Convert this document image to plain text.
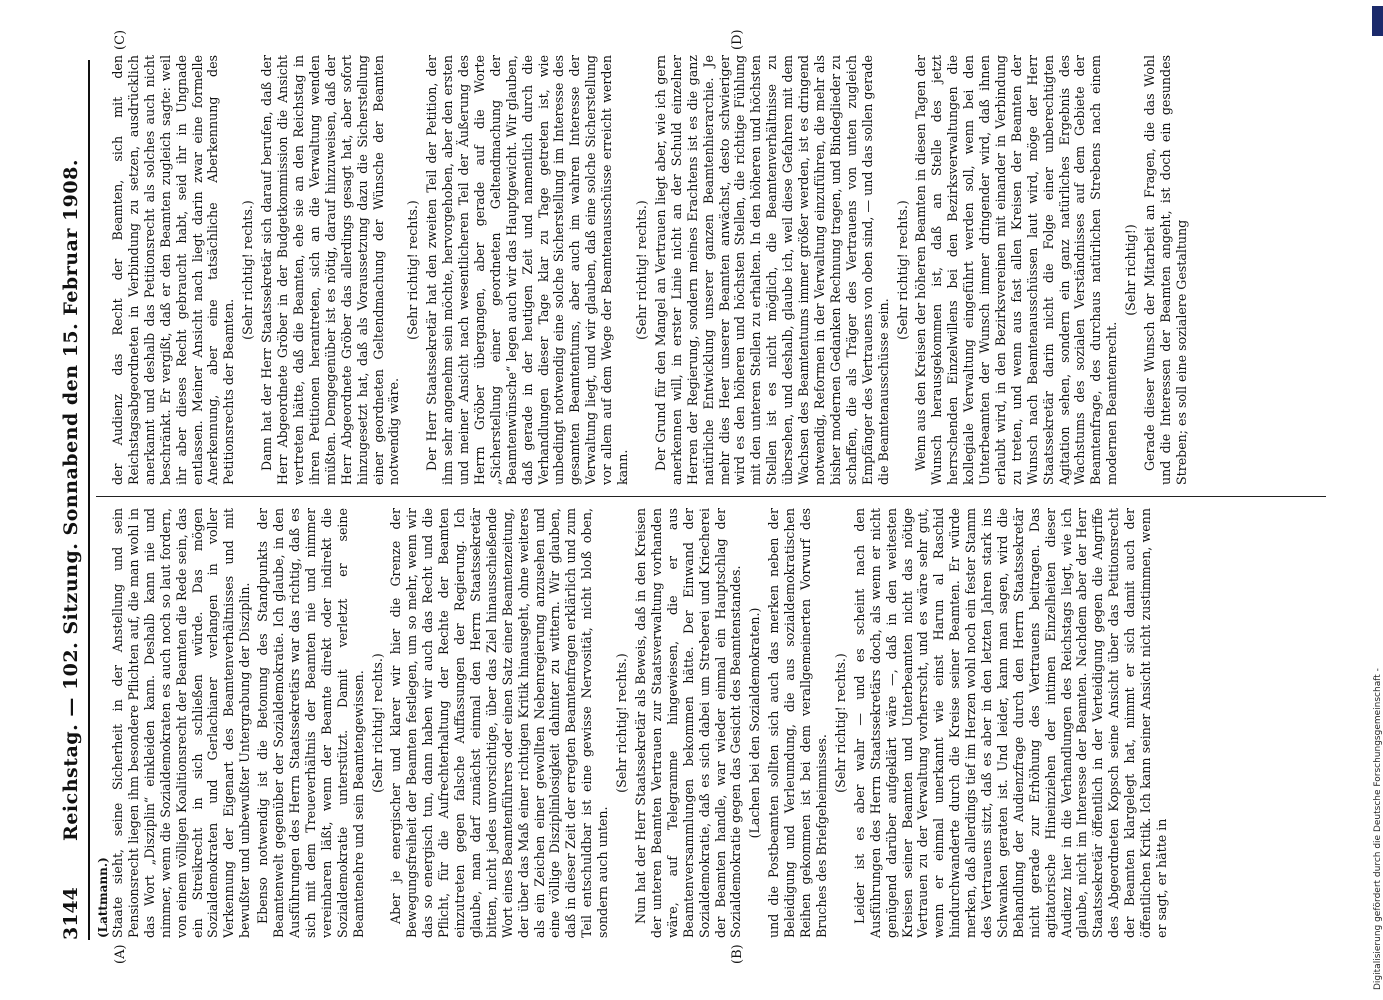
3144
Reichstag. — 102. Sitzung. Sonnabend den 15. Februar 1908.
(Lattmann.)
(A)	(B)
(C)	(D)

Staate sieht, seine Sicherheit in der Anstellung und sein Pensionsrecht liegen ihm besondere Pflichten auf, die man wohl in das Wort „Disziplin“ einkleiden kann. Deshalb kann nie und nimmer, wenn die Sozialdemokraten es auch noch so laut fordern, von einem völligen Koalitionsrecht der Beamten die Rede sein, das ein Streikrecht in sich schließen würde. Das mögen Sozialdemokraten und Gerlachianer verlangen in voller Verkennung der Eigenart des Beamtenverhältnisses und mit bewußter und unbewußter Untergrabung der Disziplin. Ebenso notwendig ist die Betonung des Standpunkts der Beamtenwelt gegenüber der Sozialdemokratie. Ich glaube, in den Ausführungen des Herrn Staatssekretärs war das richtig, daß es sich mit dem Treueverhältnis der Beamten nie und nimmer vereinbaren läßt, wenn der Beamte direkt oder indirekt die Sozialdemokratie unterstützt. Damit verletzt er seine Beamtenehre und sein Beamtengewissen. (Sehr richtig! rechts.) Aber je energischer und klarer wir hier die Grenze der Bewegungsfreiheit der Beamten festlegen, um so mehr, wenn wir das so energisch tun, dann haben wir auch das Recht und die Pflicht, für die Aufrechterhaltung der Rechte der Beamten einzutreten gegen falsche Auffassungen der Regierung. Ich glaube, man darf zunächst einmal den Herrn Staatssekretär bitten, nicht jedes unvorsichtige, über das Ziel hinausschießende Wort eines Beamtenführers oder einen Satz einer Beamtenzeitung, der über das Maß einer richtigen Kritik hinausgeht, ohne weiteres als ein Zeichen einer gewollten Nebenregierung anzusehen und eine völlige Disziplinlosigkeit dahinter zu wittern. Wir glauben, daß in dieser Zeit der erregten Beamtenfragen erklärlich und zum Teil entschuldbar ist eine gewisse Nervosität, nicht bloß oben, sondern auch unten.

(Sehr richtig! rechts.) Nun hat der Herr Staatssekretär als Beweis, daß in den Kreisen der unteren Beamten Vertrauen zur Staatsverwaltung vorhanden wäre, auf Telegramme hingewiesen, die er aus Beamtenversammlungen bekommen hätte. Der Einwand der Sozialdemokratie, daß es sich dabei um Streberei und Kriecherei der Beamten handle, war wieder einmal ein Hauptschlag der Sozialdemokratie gegen das Gesicht des Beamtenstandes. (Lachen bei den Sozialdemokraten.) und die Postbeamten sollten sich auch das merken neben der Beleidigung und Verleumdung, die aus sozialdemokratischen Reihen gekommen ist bei dem verallgemeinerten Vorwurf des Bruches des Briefgeheimnisses.

(Sehr richtig! rechts.) Leider ist es aber wahr — und es scheint nach den Ausführungen des Herrn Staatssekretärs doch, als wenn er nicht genügend darüber aufgeklärt wäre —, daß in den weitesten Kreisen seiner Beamten und Unterbeamten nicht das nötige Vertrauen zu der Verwaltung vorherrscht, und es wäre sehr gut, wenn er einmal unerkannt wie einst Harun al Raschid hindurchwanderte durch die Kreise seiner Beamten. Er würde merken, daß allerdings tief im Herzen wohl noch ein fester Stamm des Vertrauens sitzt, daß es aber in den letzten Jahren stark ins Schwanken geraten ist. Und leider, kann man sagen, wird die Behandlung der Audienzfrage durch den Herrn Staatssekretär nicht gerade zur Erhöhung des Vertrauens beitragen. Das agitatorische Hineinziehen der intimen Einzelheiten dieser Audienz hier in die Verhandlungen des Reichstags liegt, wie ich glaube, nicht im Interesse der Beamten. Nachdem aber der Herr Staatssekretär öffentlich in der Verteidigung gegen die Angriffe des Abgeordneten Kopsch seine Ansicht über das Petitionsrecht der Beamten klargelegt hat, nimmt er sich damit auch der öffentlichen Kritik. Ich kann seiner Ansicht nicht zustimmen, wenn er sagt, er hätte in

der Audienz das Recht der Beamten, sich mit den Reichstagsabgeordneten in Verbindung zu setzen, ausdrücklich anerkannt und deshalb das Petitionsrecht als solches auch nicht beschränkt. Er vergißt, daß er den Beamten zugleich sagte: weil ihr aber dieses Recht gebraucht habt, seid ihr in Ungnade entlassen. Meiner Ansicht nach liegt darin zwar eine formelle Anerkennung, aber eine tatsächliche Aberkennung des Petitionsrechts der Beamten.

(Sehr richtig! rechts.) Dann hat der Herr Staatssekretär sich darauf berufen, daß der Herr Abgeordnete Gröber in der Budgetkommission die Ansicht vertreten hätte, daß die Beamten, ehe sie an den Reichstag in ihren Petitionen herantreten, sich an die Verwaltung wenden müßten. Demgegenüber ist es nötig, darauf hinzuweisen, daß der Herr Abgeordnete Gröber das allerdings gesagt hat, aber sofort hinzugesetzt hat, daß als Voraussetzung dazu die Sicherstellung einer geordneten Geltendmachung der Wünsche der Beamten notwendig wäre.

(Sehr richtig! rechts.) Der Herr Staatssekretär hat den zweiten Teil der Petition, der ihm sehr angenehm sein möchte, hervorgehoben, aber den ersten und meiner Ansicht nach wesentlicheren Teil der Äußerung des Herrn Gröber übergangen, aber gerade auf die Worte „Sicherstellung einer geordneten Geltendmachung der Beamtenwünsche“ legen auch wir das Hauptgewicht. Wir glauben, daß gerade in der heutigen Zeit und namentlich durch die Verhandlungen dieser Tage klar zu Tage getreten ist, wie unbedingt notwendig eine solche Sicherstellung im Interesse des gesamten Beamtentums, aber auch im wahren Interesse der Verwaltung liegt, und wir glauben, daß eine solche Sicherstellung vor allem auf dem Wege der Beamtenausschüsse erreicht werden kann.

(Sehr richtig! rechts.) Der Grund für den Mangel an Vertrauen liegt aber, wie ich gern anerkennen will, in erster Linie nicht an der Schuld einzelner Herren der Regierung, sondern meines Erachtens ist es die ganz natürliche Entwicklung unserer ganzen Beamtenhierarchie. Je mehr dies Heer unserer Beamten anwächst, desto schwieriger wird es den höheren und höchsten Stellen, die richtige Fühlung mit den unteren Stellen zu erhalten. In den höheren und höchsten Stellen ist es nicht möglich, die Beamtenverhältnisse zu übersehen, und deshalb, glaube ich, weil diese Gefahren mit dem Wachsen des Beamtentums immer größer werden, ist es dringend notwendig, Reformen in der Verwaltung einzuführen, die mehr als bisher modernen Gedanken Rechnung tragen, und Bindeglieder zu schaffen, die als Träger des Vertrauens von unten zugleich Empfänger des Vertrauens von oben sind, — und das sollen gerade die Beamtenausschüsse sein.

(Sehr richtig! rechts.) Wenn aus den Kreisen der höheren Beamten in diesen Tagen der Wunsch herausgekommen ist, daß an Stelle des jetzt herrschenden Einzelwillens bei den Bezirksverwaltungen die kollegiale Verwaltung eingeführt werden soll, wenn bei den Unterbeamten der Wunsch immer dringender wird, daß ihnen erlaubt wird, in den Bezirksvereinen mit einander in Verbindung zu treten, und wenn aus fast allen Kreisen der Beamten der Wunsch nach Beamtenausschüssen laut wird, möge der Herr Staatssekretär darin nicht die Folge einer unberechtigten Agitation sehen, sondern ein ganz natürliches Ergebnis des Wachstums des sozialen Verständnisses auf dem Gebiete der Beamtenfrage, des durchaus natürlichen Strebens nach einem modernen Beamtenrecht.

(Sehr richtig!) Gerade dieser Wunsch der Mitarbeit an Fragen, die das Wohl und die Interessen der Beamten angeht, ist doch ein gesundes Streben; es soll eine sozialere Gestaltung

Digitalisierung gefördert durch die Deutsche Forschungsgemeinschaft -
